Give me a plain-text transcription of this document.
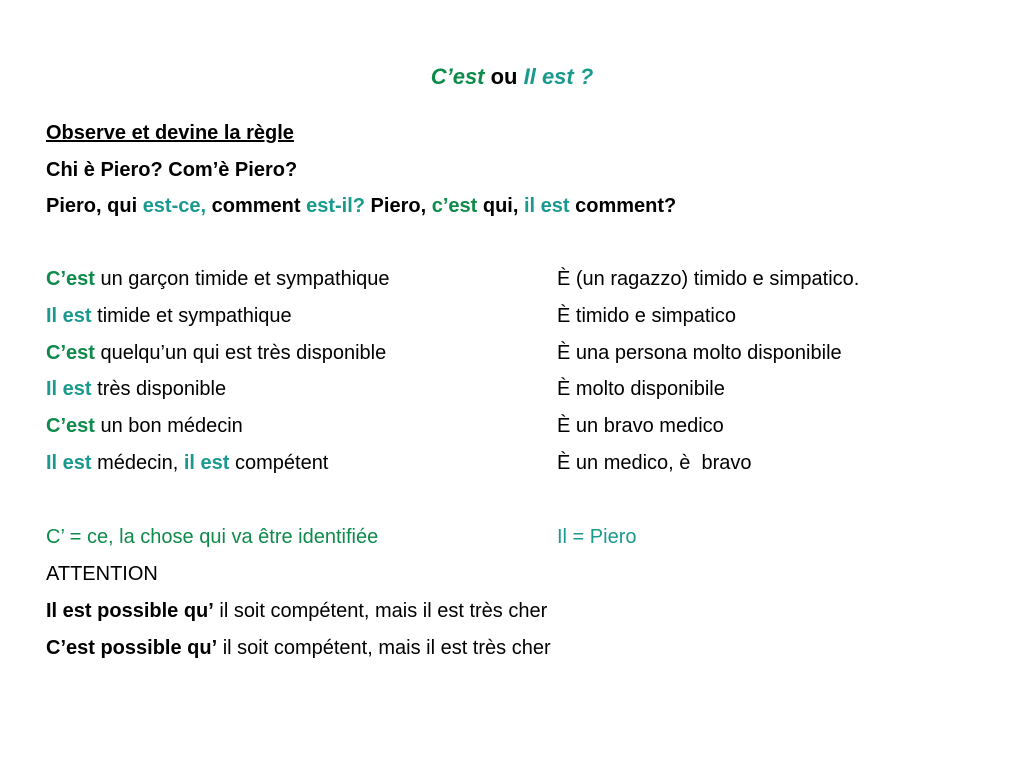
C’est ou Il est ?
Observe et devine la règle
Chi è Piero? Com’è Piero?
Piero, qui est-ce, comment est-il? Piero, c’est qui, il est comment?
C’est un garçon timide et sympathique	È (un ragazzo) timido e simpatico.
Il est timide et sympathique	È timido e simpatico
C’est quelqu’un qui est très disponible	È una persona molto disponibile
Il est très disponible	È molto disponibile
C’est un bon médecin	È un bravo medico
Il est médecin, il est compétent	È un medico, è  bravo
C’ = ce, la chose qui va être identifiée	Il = Piero
ATTENTION
Il est possible qu’ il soit compétent, mais il est très cher
C’est possible qu’ il soit compétent, mais il est très cher
